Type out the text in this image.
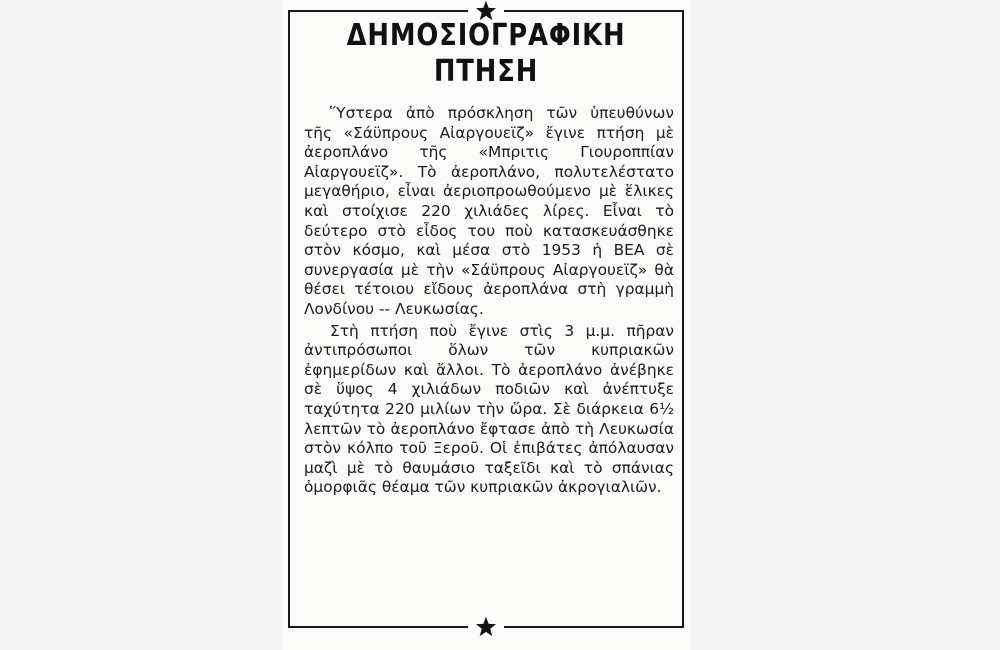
ΔΗΜΟΣΙΟΓΡΑΦΙΚΗ
ΠΤΗΣΗ

Ὕστερα ἀπὸ πρόσκληση τῶν ὑπευθύνων τῆς «Σάϋπρους Αἰαργουεϊζ» ἔγινε πτήση μὲ ἀεροπλάνο τῆς «Μπριτις Γιουροππίαν Αἰαργουεϊζ». Τὸ ἀεροπλάνο, πολυτελέστατο μεγαθήριο, εἶναι ἀεριοπροωθούμενο μὲ ἕλικες καὶ στοίχισε 220 χιλιάδες λίρες. Εἶναι τὸ δεύτερο στὸ εἶδος του ποὺ κατασκευάσθηκε στὸν κόσμο, καὶ μέσα στὸ 1953 ἡ ΒΕΑ σὲ συνεργασία μὲ τὴν «Σάϋπρους Αἰαργουεϊζ» θὰ θέσει τέτοιου εἴδους ἀεροπλάνα στὴ γραμμὴ Λονδίνου -- Λευκωσίας.

Στὴ πτήση ποὺ ἔγινε στὶς 3 μ.μ. πῆραν ἀντιπρόσωποι ὅλων τῶν κυπριακῶν ἐφημερίδων καὶ ἄλλοι. Τὸ ἀεροπλάνο ἀνέβηκε σὲ ὕψος 4 χιλιάδων ποδιῶν καὶ ἀνέπτυξε ταχύτητα 220 μιλίων τὴν ὥρα. Σὲ διάρκεια 6½ λεπτῶν τὸ ἀεροπλάνο ἔφτασε ἀπὸ τὴ Λευκωσία στὸν κόλπο τοῦ Ξεροῦ. Οἱ ἐπιβάτες ἀπόλαυσαν μαζὶ μὲ τὸ θαυμάσιο ταξεῖδι καὶ τὸ σπάνιας ὀμορφιᾶς θέαμα τῶν κυπριακῶν ἀκρογιαλιῶν.
